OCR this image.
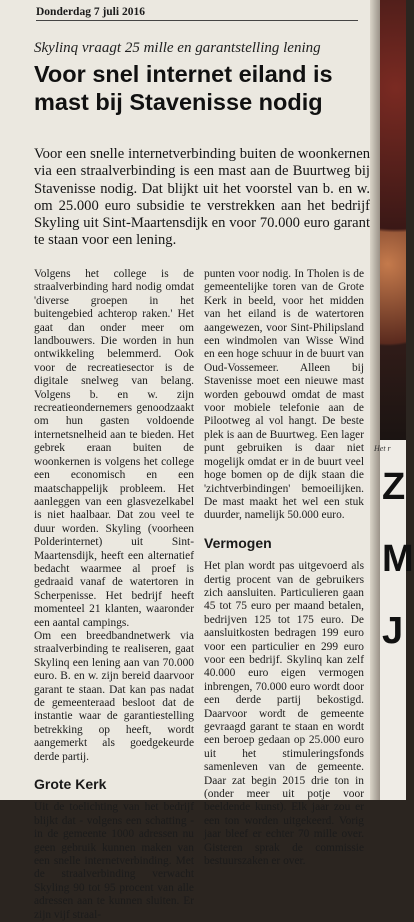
Donderdag 7 juli 2016
Skylinq vraagt 25 mille en garantstelling lening
Voor snel internet eiland is mast bij Stavenisse nodig
Voor een snelle internetverbinding buiten de woonkernen via een straalverbinding is een mast aan de Buurtweg bij Stavenisse nodig. Dat blijkt uit het voorstel van b. en w. om 25.000 euro subsidie te verstrekken aan het bedrijf Skyling uit Sint-Maartensdijk en voor 70.000 euro garant te staan voor een lening.

Volgens het college is de straalverbinding hard nodig omdat 'diverse groepen in het buitengebied achterop raken.' Het gaat dan onder meer om landbouwers. Die worden in hun ontwikkeling belemmerd. Ook voor de recreatiesector is de digitale snelweg van belang. Volgens b. en w. zijn recreatieondernemers genoodzaakt om hun gasten voldoende internetsnelheid aan te bieden. Het gebrek eraan buiten de woonkernen is volgens het college een economisch en een maatschappelijk probleem. Het aanleggen van een glasvezelkabel is niet haalbaar. Dat zou veel te duur worden. Skyling (voorheen Polderinternet) uit Sint-Maartensdijk, heeft een alternatief bedacht waarmee al proef is gedraaid vanaf de watertoren in Scherpenisse. Het bedrijf heeft momenteel 21 klanten, waaronder een aantal campings.

Om een breedbandnetwerk via straalverbinding te realiseren, gaat Skylinq een lening aan van 70.000 euro. B. en w. zijn bereid daarvoor garant te staan. Dat kan pas nadat de gemeenteraad besloot dat de instantie waar de garantiestelling betrekking op heeft, wordt aangemerkt als goedgekeurde derde partij.

Grote Kerk

Uit de toelichting van het bedrijf blijkt dat - volgens een schatting - in de gemeente 1000 adressen nu geen gebruik kunnen maken van een snelle internetverbinding. Met de straalverbinding verwacht Skyling 90 tot 95 procent van alle adressen aan te kunnen sluiten. Er zijn vijf straal-

punten voor nodig. In Tholen is de gemeentelijke toren van de Grote Kerk in beeld, voor het midden van het eiland is de watertoren aangewezen, voor Sint-Philipsland een windmolen van Wisse Wind en een hoge schuur in de buurt van Oud-Vossemeer. Alleen bij Stavenisse moet een nieuwe mast worden gebouwd omdat de mast voor mobiele telefonie aan de Pilootweg al vol hangt. De beste plek is aan de Buurtweg. Een lager punt gebruiken is daar niet mogelijk omdat er in de buurt veel hoge bomen op de dijk staan die 'zichtverbindingen' bemoeilijken. De mast maakt het wel een stuk duurder, namelijk 50.000 euro.

Vermogen

Het plan wordt pas uitgevoerd als dertig procent van de gebruikers zich aansluiten. Particulieren gaan 45 tot 75 euro per maand betalen, bedrijven 125 tot 175 euro. De aansluitkosten bedragen 199 euro voor een particulier en 299 euro voor een bedrijf. Skylinq kan zelf 40.000 euro eigen vermogen inbrengen, 70.000 euro wordt door een derde partij bekostigd. Daarvoor wordt de gemeente gevraagd garant te staan en wordt een beroep gedaan op 25.000 euro uit het stimuleringsfonds samenleven van de gemeente. Daar zat begin 2015 drie ton in (onder meer uit potje voor beeldende kunst). Elk jaar zou er een ton worden uitgekeerd. Vorig jaar bleef er echter 70 mille over. Gisteren sprak de commissie bestuurszaken er over.

Het r
Z
M
J
